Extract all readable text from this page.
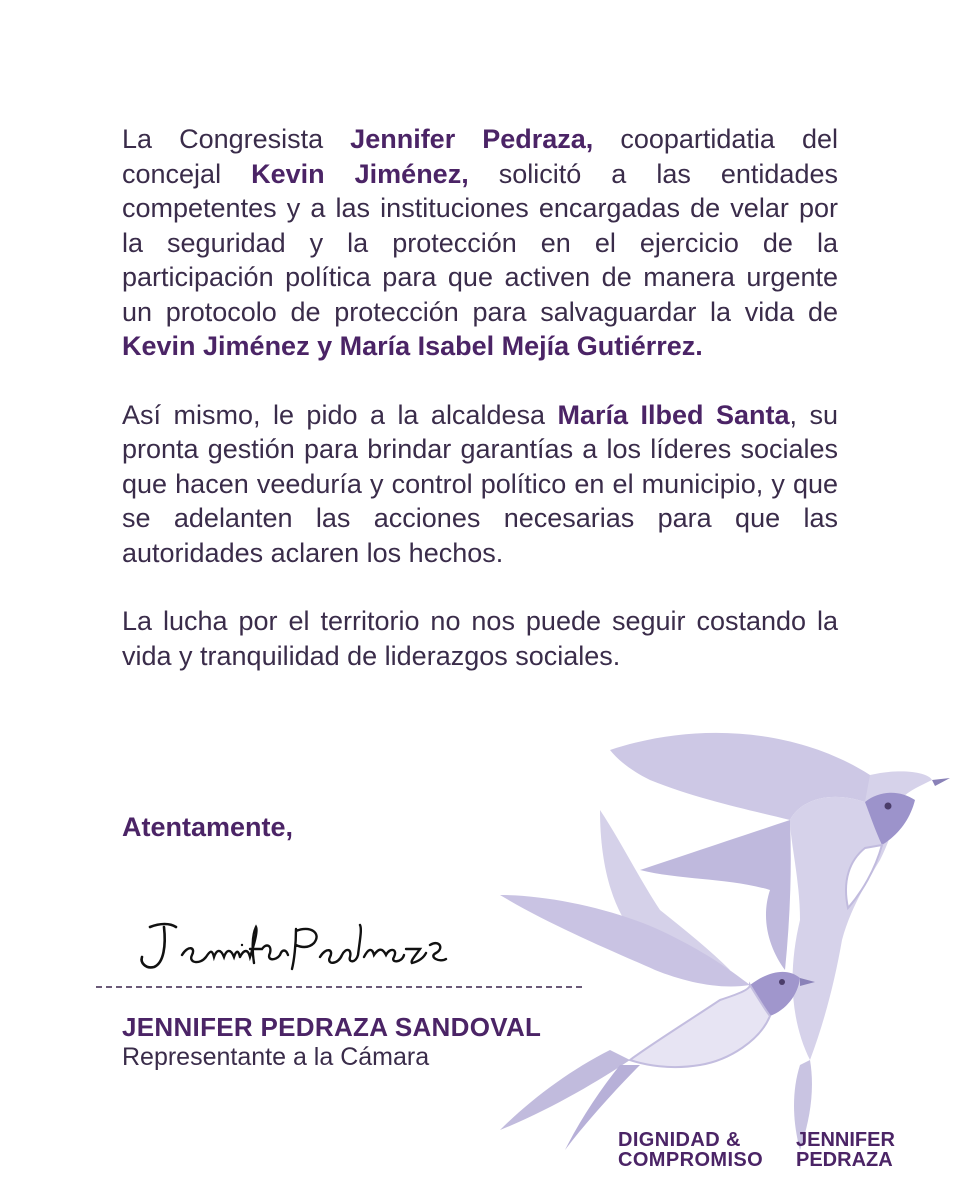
La Congresista Jennifer Pedraza, coopartidatia del concejal Kevin Jiménez, solicitó a las entidades competentes y a las instituciones encargadas de velar por la seguridad y la protección en el ejercicio de la participación política para que activen de manera urgente un protocolo de protección para salvaguardar la vida de Kevin Jiménez y María Isabel Mejía Gutiérrez.

Así mismo, le pido a la alcaldesa María Ilbed Santa, su pronta gestión para brindar garantías a los líderes sociales que hacen veeduría y control político en el municipio, y que se adelanten las acciones necesarias para que las autoridades aclaren los hechos.

La lucha por el territorio no nos puede seguir costando la vida y tranquilidad de liderazgos sociales.

Atentamente,
JenniferPedrazaS
JENNIFER PEDRAZA SANDOVAL
Representante a la Cámara
DIGNIDAD &
COMPROMISO
JENNIFER
PEDRAZA
